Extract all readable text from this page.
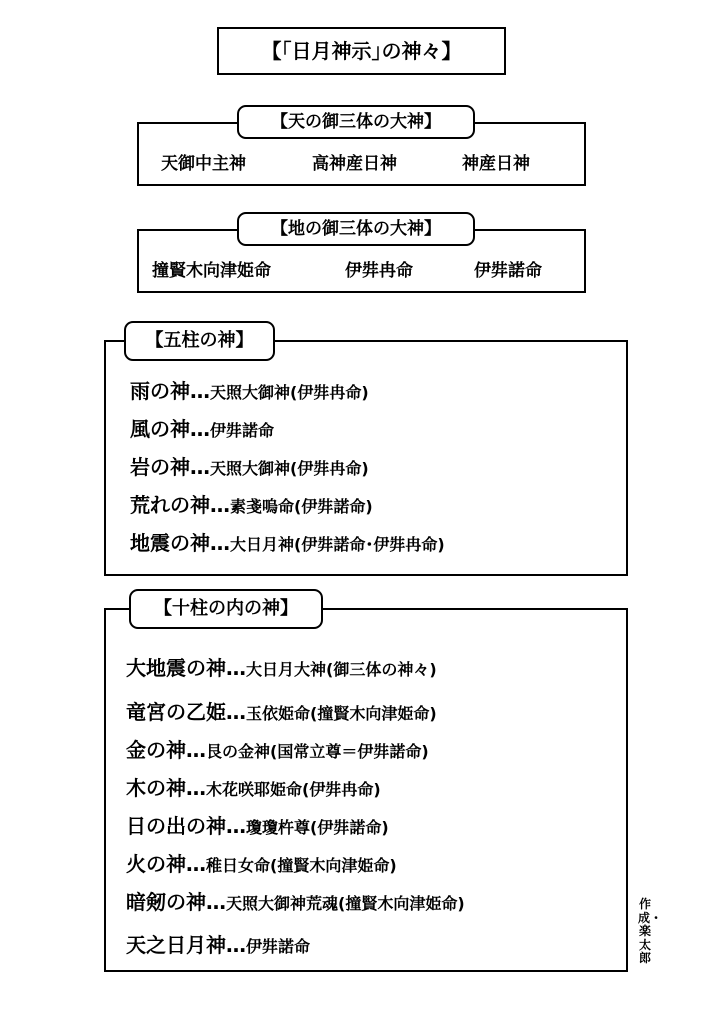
【｢日月神示｣の神々】
天御中主神	高神産日神	神産日神
【天の御三体の大神】
撞賢木向津姫命	伊弉冉命	伊弉諾命
【地の御三体の大神】
雨の神…天照大御神(伊弉冉命)
風の神…伊弉諾命
岩の神…天照大御神(伊弉冉命)
荒れの神…素戔嗚命(伊弉諾命)
地震の神…大日月神(伊弉諾命･伊弉冉命)
【五柱の神】
大地震の神…大日月大神(御三体の神々)
竜宮の乙姫…玉依姫命(撞賢木向津姫命)
金の神…艮の金神(国常立尊＝伊弉諾命)
木の神…木花咲耶姫命(伊弉冉命)
日の出の神…瓊瓊杵尊(伊弉諾命)
火の神…稚日女命(撞賢木向津姫命)
暗剱の神…天照大御神荒魂(撞賢木向津姫命)
天之日月神…伊弉諾命
【十柱の内の神】
作成・楽太郎
